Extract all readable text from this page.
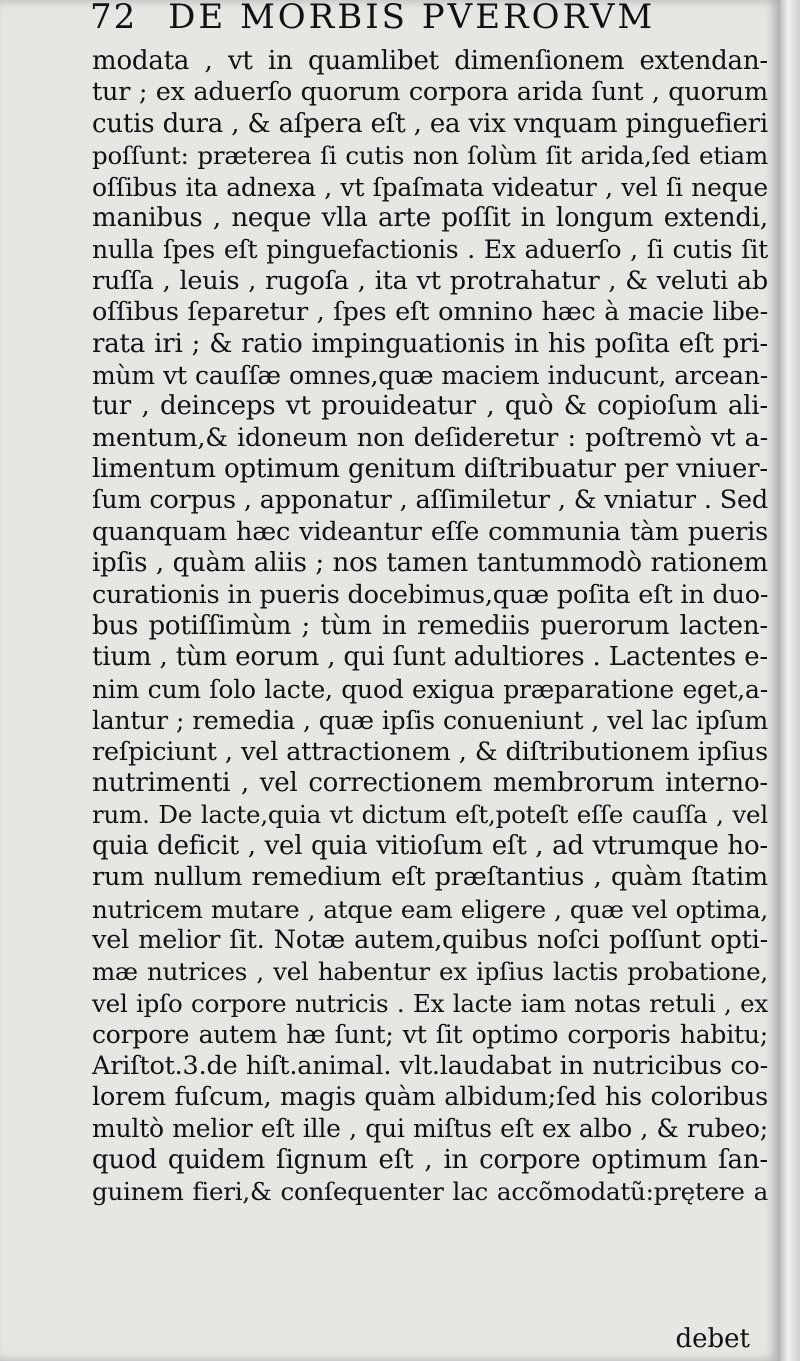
72 DE MORBIS PVERORVM
modata , vt in quamlibet dimenſionem extendan-
tur ; ex aduerſo quorum corpora arida ſunt , quorum
cutis dura , & aſpera eſt , ea vix vnquam pinguefieri
poſſunt: præterea ſi cutis non ſolùm ſit arida,ſed etiam
oſſibus ita adnexa , vt ſpaſmata videatur , vel ſi neque
manibus , neque vlla arte poſſit in longum extendi,
nulla ſpes eſt pinguefactionis . Ex aduerſo , ſi cutis ſit
ruſſa , leuis , rugoſa , ita vt protrahatur , & veluti ab
oſſibus ſeparetur , ſpes eſt omnino hæc à macie libe-
rata iri ; & ratio impinguationis in his poſita eſt pri-
mùm vt cauſſæ omnes,quæ maciem inducunt, arcean-
tur , deinceps vt prouideatur , quò & copioſum ali-
mentum,& idoneum non deſideretur : poſtremò vt a-
limentum optimum genitum diſtribuatur per vniuer-
ſum corpus , apponatur , aſſimiletur , & vniatur . Sed
quanquam hæc videantur eſſe communia tàm pueris
ipſis , quàm aliis ; nos tamen tantummodò rationem
curationis in pueris docebimus,quæ poſita eſt in duo-
bus potiſſimùm ; tùm in remediis puerorum lacten-
tium , tùm eorum , qui ſunt adultiores . Lactentes e-
nim cum ſolo lacte, quod exigua præparatione eget,a-
lantur ; remedia , quæ ipſis conueniunt , vel lac ipſum
reſpiciunt , vel attractionem , & diſtributionem ipſius
nutrimenti , vel correctionem membrorum interno-
rum. De lacte,quia vt dictum eſt,poteſt eſſe cauſſa , vel
quia deficit , vel quia vitioſum eſt , ad vtrumque ho-
rum nullum remedium eſt præſtantius , quàm ſtatim
nutricem mutare , atque eam eligere , quæ vel optima,
vel melior ſit. Notæ autem,quibus noſci poſſunt opti-
mæ nutrices , vel habentur ex ipſius lactis probatione,
vel ipſo corpore nutricis . Ex lacte iam notas retuli , ex
corpore autem hæ ſunt; vt ſit optimo corporis habitu;
Ariſtot.3.de hiſt.animal. vlt.laudabat in nutricibus co-
lorem fuſcum, magis quàm albidum;ſed his coloribus
multò melior eſt ille , qui miſtus eſt ex albo , & rubeo;
quod quidem ſignum eſt , in corpore optimum ſan-
guinem fieri,& conſequenter lac accõmodatũ:prętere a
debet
